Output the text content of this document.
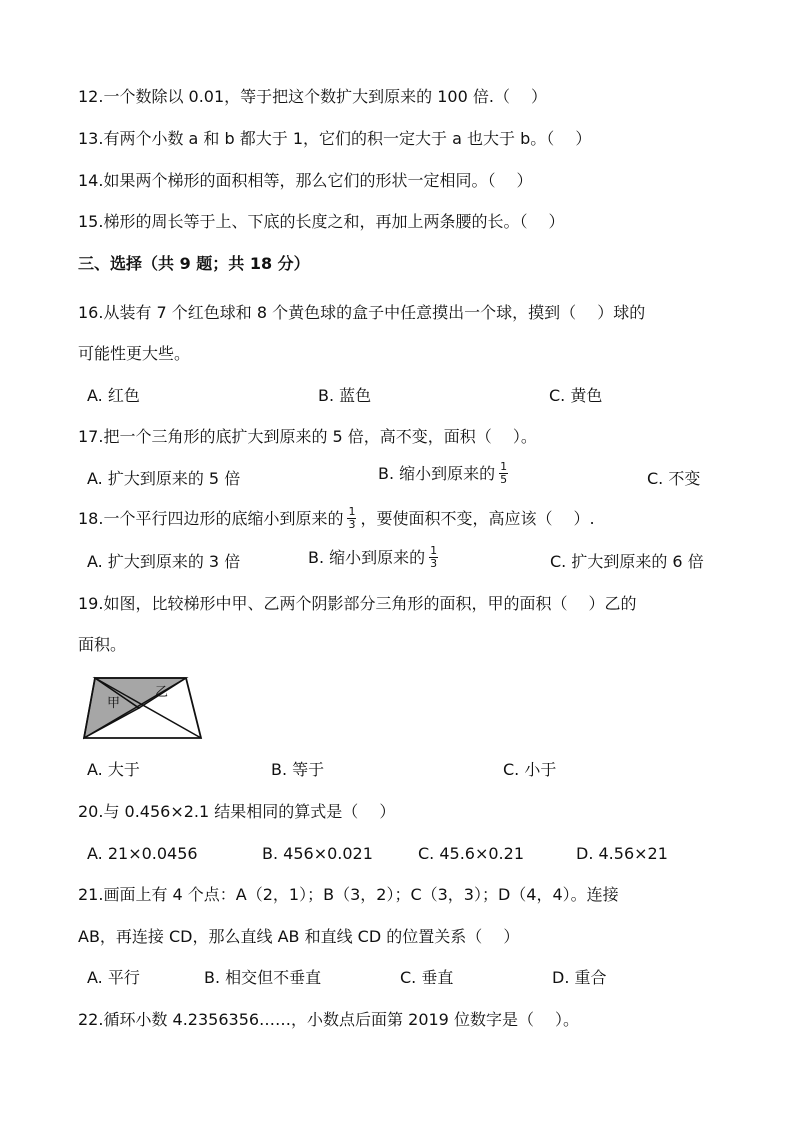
12.一个数除以 0.01，等于把这个数扩大到原来的 100 倍.（　 ）
13.有两个小数 a 和 b 都大于 1，它们的积一定大于 a 也大于 b。（　 ）
14.如果两个梯形的面积相等，那么它们的形状一定相同。（　 ）
15.梯形的周长等于上、下底的长度之和，再加上两条腰的长。（　 ）
三、选择（共 9 题；共 18 分）
16.从装有 7 个红色球和 8 个黄色球的盒子中任意摸出一个球，摸到（　 ）球的
可能性更大些。
A. 红色	B. 蓝色	C. 黄色
17.把一个三角形的底扩大到原来的 5 倍，高不变，面积（　 ）。
A. 扩大到原来的 5 倍	B. 缩小到原来的 $\frac{1}{5}$	C. 不变
18.一个平行四边形的底缩小到原来的 $\frac{1}{3}$ ，要使面积不变，高应该（　 ）.
A. 扩大到原来的 3 倍	B. 缩小到原来的 $\frac{1}{3}$	C. 扩大到原来的 6 倍
19.如图，比较梯形中甲、乙两个阴影部分三角形的面积，甲的面积（　 ）乙的
面积。
甲
乙
A. 大于	B. 等于	C. 小于
20.与 0.456×2.1 结果相同的算式是（　 ）
A. 21×0.0456	B. 456×0.021	C. 45.6×0.21	D. 4.56×21
21.画面上有 4 个点：A（2，1）；B（3，2）；C（3，3）；D（4，4）。连接
AB，再连接 CD，那么直线 AB 和直线 CD 的位置关系（　 ）
A. 平行	B. 相交但不垂直	C. 垂直	D. 重合
22.循环小数 4.2356356……，小数点后面第 2019 位数字是（　 ）。
